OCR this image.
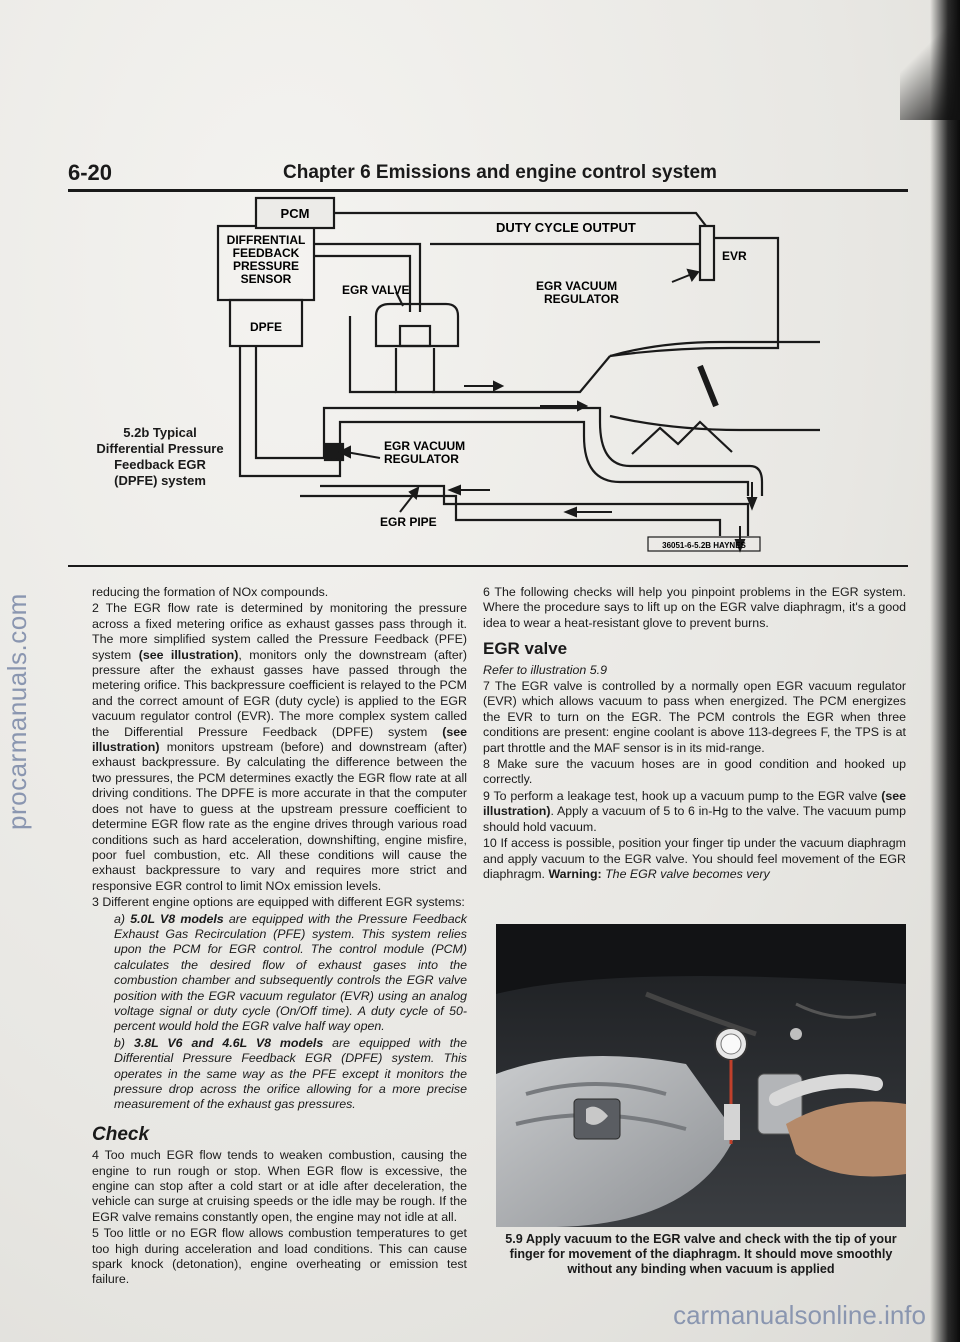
6-20	Chapter 6 Emissions and engine control system
PCM
DUTY CYCLE OUTPUT
EVR
DIFFRENTIAL
FEEDBACK
PRESSURE
SENSOR
EGR VALVE	EGR VACUUM
REGULATOR
DPFE
EGR VACUUM
REGULATOR
EGR PIPE
36051-6-5.2B HAYNES
5.2b Typical
Differential Pressure
Feedback EGR
(DPFE) system

reducing the formation of NOx compounds.

2 The EGR flow rate is determined by monitoring the pressure across a fixed metering orifice as exhaust gasses pass through it. The more simplified system called the Pressure Feedback (PFE) system (see illustration), monitors only the downstream (after) pressure after the exhaust gasses have passed through the metering orifice. This backpressure coefficient is relayed to the PCM and the correct amount of EGR (duty cycle) is applied to the EGR vacuum regulator control (EVR). The more complex system called the Differential Pressure Feedback (DPFE) system (see illustration) monitors upstream (before) and downstream (after) exhaust backpressure. By calculating the difference between the two pressures, the PCM determines exactly the EGR flow rate at all driving conditions. The DPFE is more accurate in that the computer does not have to guess at the upstream pressure coefficient to determine EGR flow rate as the engine drives through various road conditions such as hard acceleration, downshifting, engine misfire, poor fuel combustion, etc. All these conditions will cause the exhaust backpressure to vary and requires more strict and responsive EGR control to limit NOx emission levels.

3 Different engine options are equipped with different EGR systems:

a) 5.0L V8 models are equipped with the Pressure Feedback Exhaust Gas Recirculation (PFE) system. This system relies upon the PCM for EGR control. The control module (PCM) calculates the desired flow of exhaust gases into the combustion chamber and subsequently controls the EGR valve position with the EGR vacuum regulator (EVR) using an analog voltage signal or duty cycle (On/Off time). A duty cycle of 50-percent would hold the EGR valve half way open.

b) 3.8L V6 and 4.6L V8 models are equipped with the Differential Pressure Feedback EGR (DPFE) system. This operates in the same way as the PFE except it monitors the pressure drop across the orifice allowing for a more precise measurement of the exhaust gas pressures.

Check

4 Too much EGR flow tends to weaken combustion, causing the engine to run rough or stop. When EGR flow is excessive, the engine can stop after a cold start or at idle after deceleration, the vehicle can surge at cruising speeds or the idle may be rough. If the EGR valve remains constantly open, the engine may not idle at all.

5 Too little or no EGR flow allows combustion temperatures to get too high during acceleration and load conditions. This can cause spark knock (detonation), engine overheating or emission test failure.

6 The following checks will help you pinpoint problems in the EGR system. Where the procedure says to lift up on the EGR valve diaphragm, it's a good idea to wear a heat-resistant glove to prevent burns.

EGR valve

Refer to illustration 5.9

7 The EGR valve is controlled by a normally open EGR vacuum regulator (EVR) which allows vacuum to pass when energized. The PCM energizes the EVR to turn on the EGR. The PCM controls the EGR when three conditions are present: engine coolant is above 113-degrees F, the TPS is at part throttle and the MAF sensor is in its mid-range.

8 Make sure the vacuum hoses are in good condition and hooked up correctly.

9 To perform a leakage test, hook up a vacuum pump to the EGR valve (see illustration). Apply a vacuum of 5 to 6 in-Hg to the valve. The vacuum pump should hold vacuum.

10 If access is possible, position your finger tip under the vacuum diaphragm and apply vacuum to the EGR valve. You should feel movement of the EGR diaphragm. Warning: The EGR valve becomes very

5.9 Apply vacuum to the EGR valve and check with the tip of your finger for movement of the diaphragm. It should move smoothly without any binding when vacuum is applied
procarmanuals.com
carmanualsonline.info
